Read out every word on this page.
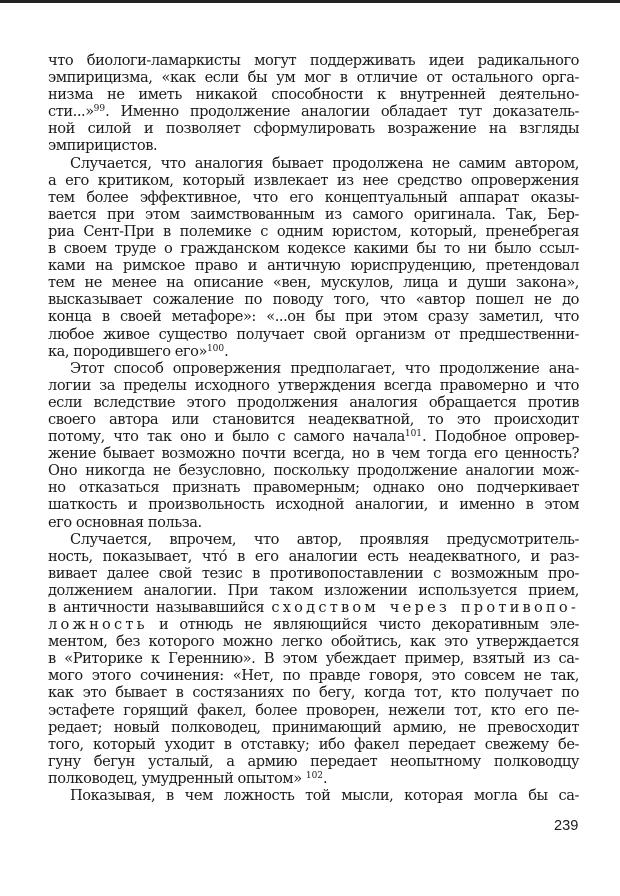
что биологи-ламаркисты могут поддерживать идеи радикального
эмпирицизма, «как если бы ум мог в отличие от остального орга-
низма не иметь никакой способности к внутренней деятельно-
сти...»$^{99}$. Именно продолжение аналогии обладает тут доказатель-
ной силой и позволяет сформулировать возражение на взгляды
эмпирицистов.
Случается, что аналогия бывает продолжена не самим автором,
а его критиком, который извлекает из нее средство опровержения
тем более эффективное, что его концептуальный аппарат оказы-
вается при этом заимствованным из самого оригинала. Так, Бер-
риа Сент-При в полемике с одним юристом, который, пренебрегая
в своем труде о гражданском кодексе какими бы то ни было ссыл-
ками на римское право и античную юриспруденцию, претендовал
тем не менее на описание «вен, мускулов, лица и души закона»,
высказывает сожаление по поводу того, что «автор пошел не до
конца в своей метафоре»: «...он бы при этом сразу заметил, что
любое живое существо получает свой организм от предшественни-
ка, породившего его»$^{100}$.
Этот способ опровержения предполагает, что продолжение ана-
логии за пределы исходного утверждения всегда правомерно и что
если вследствие этого продолжения аналогия обращается против
своего автора или становится неадекватной, то это происходит
потому, что так оно и было с самого начала$^{101}$. Подобное опровер-
жение бывает возможно почти всегда, но в чем тогда его ценность?
Оно никогда не безусловно, поскольку продолжение аналогии мож-
но отказаться признать правомерным; однако оно подчеркивает
шаткость и произвольность исходной аналогии, и именно в этом
его основная польза.
Случается, впрочем, что автор, проявляя предусмотритель-
ность, показывает, что́ в его аналогии есть неадекватного, и раз-
вивает далее свой тезис в противопоставлении с возможным про-
должением аналогии. При таком изложении используется прием,
в античности называвшийся сходством через противопо-
ложность и отнюдь не являющийся чисто декоративным эле-
ментом, без которого можно легко обойтись, как это утверждается
в «Риторике к Гереннию». В этом убеждает пример, взятый из са-
мого этого сочинения: «Нет, по правде говоря, это совсем не так,
как это бывает в состязаниях по бегу, когда тот, кто получает по
эстафете горящий факел, более проворен, нежели тот, кто его пе-
редает; новый полководец, принимающий армию, не превосходит
того, который уходит в отставку; ибо факел передает свежему бе-
гуну бегун усталый, а армию передает неопытному полководцу
полководец, умудренный опытом» $^{102}$.
Показывая, в чем ложность той мысли, которая могла бы са-
239
